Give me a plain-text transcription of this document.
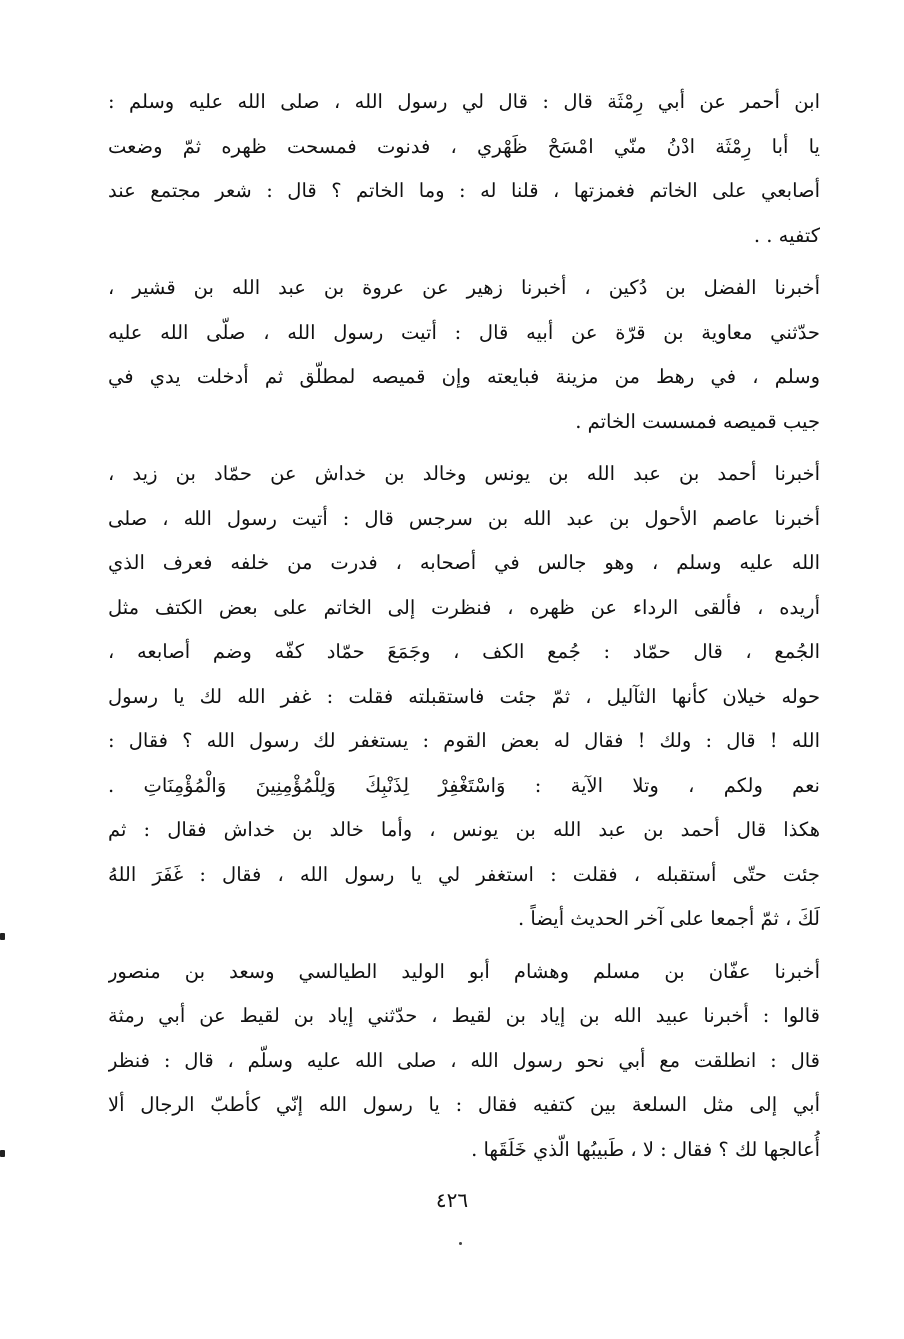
ابن أحمر عن أبي رِمْثَة قال : قال لي رسول الله ، صلى الله عليه وسلم :
يا أبا رِمْثَة ادْنُ منّي امْسَحْ ظَهْري ، فدنوت فمسحت ظهره ثمّ وضعت
أصابعي على الخاتم فغمزتها ، قلنا له : وما الخاتم ؟ قال : شعر مجتمع عند
كتفيه . .
أخبرنا الفضل بن دُكين ، أخبرنا زهير عن عروة بن عبد الله بن قشير ،
حدّثني معاوية بن قرّة عن أبيه قال : أتيت رسول الله ، صلّى الله عليه
وسلم ، في رهط من مزينة فبايعته وإن قميصه لمطلّق ثم أدخلت يدي في
جيب قميصه فمسست الخاتم .
أخبرنا أحمد بن عبد الله بن يونس وخالد بن خداش عن حمّاد بن زيد ،
أخبرنا عاصم الأحول بن عبد الله بن سرجس قال : أتيت رسول الله ، صلى
الله عليه وسلم ، وهو جالس في أصحابه ، فدرت من خلفه فعرف الذي
أريده ، فألقى الرداء عن ظهره ، فنظرت إلى الخاتم على بعض الكتف مثل
الجُمع ، قال حمّاد : جُمع الكف ، وجَمَعَ حمّاد كفّه وضم أصابعه ،
حوله خيلان كأنها الثآليل ، ثمّ جئت فاستقبلته فقلت : غفر الله لك يا رسول
الله ! قال : ولك ! فقال له بعض القوم : يستغفر لك رسول الله ؟ فقال :
نعم ولكم ، وتلا الآية : وَاسْتَغْفِرْ لِذَنْبِكَ وَلِلْمُؤْمِنِينَ وَالْمُؤْمِنَاتِ .
هكذا قال أحمد بن عبد الله بن يونس ، وأما خالد بن خداش فقال : ثم
جئت حتّى أستقبله ، فقلت : استغفر لي يا رسول الله ، فقال : غَفَرَ اللهُ
لَكَ ، ثمّ أجمعا على آخر الحديث أيضاً .
أخبرنا عفّان بن مسلم وهشام أبو الوليد الطيالسي وسعد بن منصور
قالوا : أخبرنا عبيد الله بن إياد بن لقيط ، حدّثني إياد بن لقيط عن أبي رمثة
قال : انطلقت مع أبي نحو رسول الله ، صلى الله عليه وسلّم ، قال : فنظر
أبي إلى مثل السلعة بين كتفيه فقال : يا رسول الله إنّي كأطبّ الرجال ألا
أُعالجها لك ؟ فقال : لا ، طَبيبُها الّذي خَلَقَها .
٤٢٦
